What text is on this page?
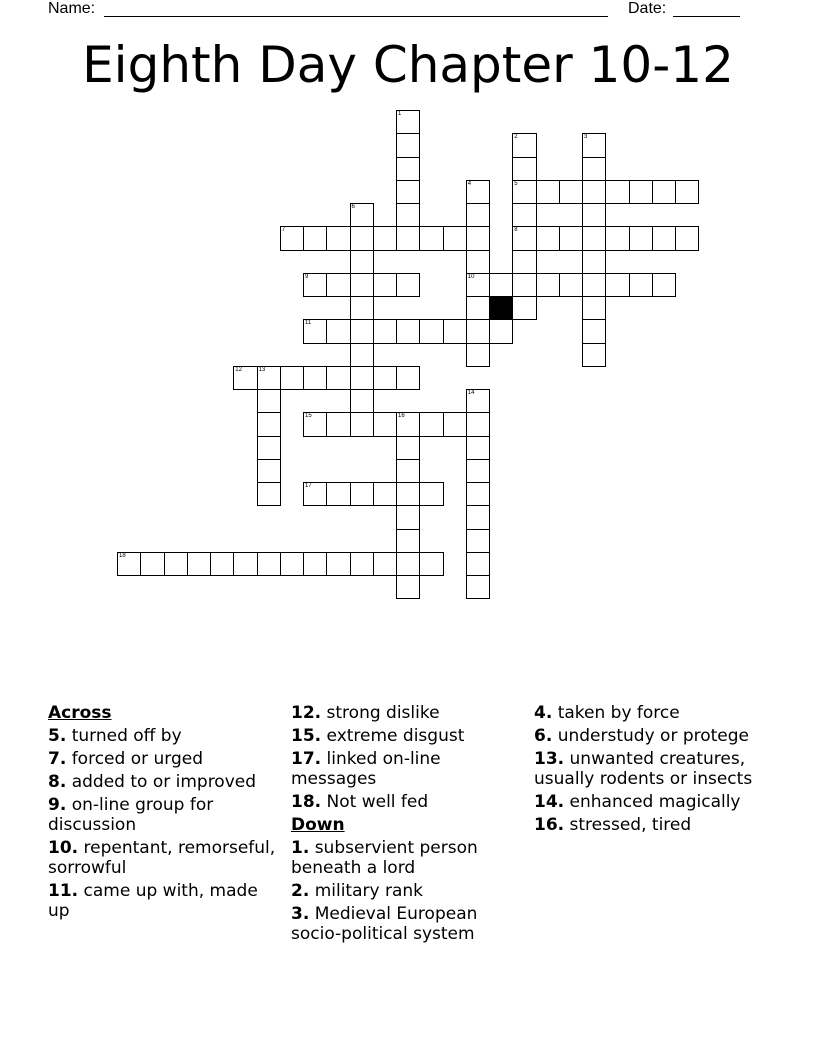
Name:	Date:
Eighth Day Chapter 10-12
1
2
5
8
3
4
10
6
7
9
11
12	13
14
15	16
17
18
Across
5. turned off by
7. forced or urged
8. added to or improved
9. on-line group for discussion
10. repentant, remorseful, sorrowful
11. came up with, made up
12. strong dislike
15. extreme disgust
17. linked on-line messages
18. Not well fed
Down
1. subservient person beneath a lord
2. military rank
3. Medieval European socio-political system
4. taken by force
6. understudy or protege
13. unwanted creatures, usually rodents or insects
14. enhanced magically
16. stressed, tired
